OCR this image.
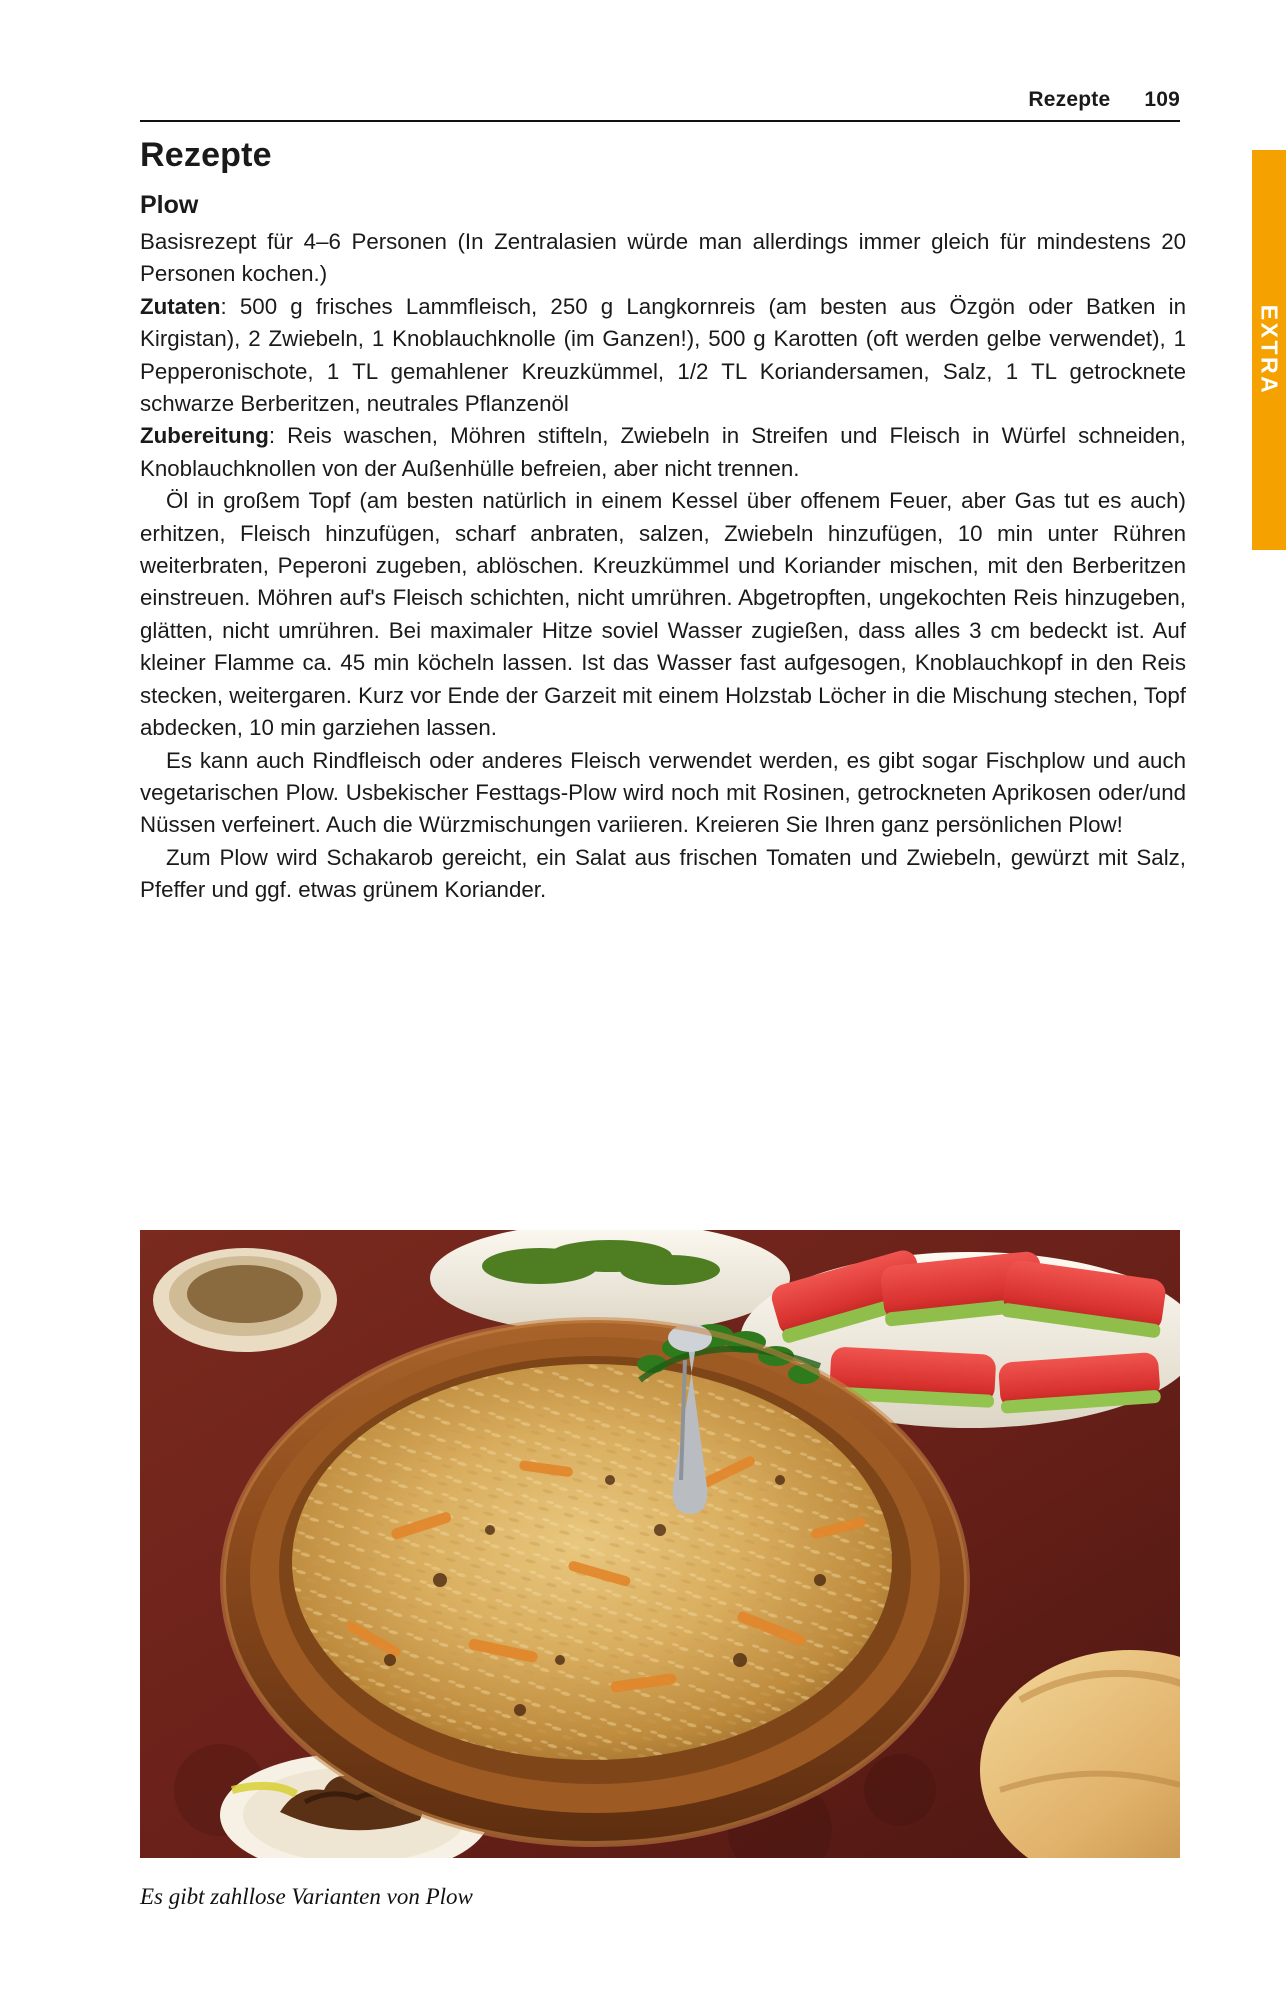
Rezepte 109
EXTRA
Rezepte
Plow

Basisrezept für 4–6 Personen (In Zentralasien würde man allerdings immer gleich für mindestens 20 Personen kochen.)

Zutaten: 500 g frisches Lammfleisch, 250 g Langkornreis (am besten aus Özgön oder Batken in Kirgistan), 2 Zwiebeln, 1 Knoblauchknolle (im Ganzen!), 500 g Karotten (oft werden gelbe verwendet), 1 Pepperonischote, 1 TL gemahlener Kreuzkümmel, 1/2 TL Koriandersamen, Salz, 1 TL getrocknete schwarze Berberitzen, neutrales Pflanzenöl

Zubereitung: Reis waschen, Möhren stifteln, Zwiebeln in Streifen und Fleisch in Würfel schneiden, Knoblauchknollen von der Außenhülle befreien, aber nicht trennen.

Öl in großem Topf (am besten natürlich in einem Kessel über offenem Feuer, aber Gas tut es auch) erhitzen, Fleisch hinzufügen, scharf anbraten, salzen, Zwiebeln hinzufügen, 10 min unter Rühren weiterbraten, Peperoni zugeben, ablöschen. Kreuzkümmel und Koriander mischen, mit den Berberitzen einstreuen. Möhren auf's Fleisch schichten, nicht umrühren. Abgetropften, ungekochten Reis hinzugeben, glätten, nicht umrühren. Bei maximaler Hitze soviel Wasser zugießen, dass alles 3 cm bedeckt ist. Auf kleiner Flamme ca. 45 min köcheln lassen. Ist das Wasser fast aufgesogen, Knoblauchkopf in den Reis stecken, weitergaren. Kurz vor Ende der Garzeit mit einem Holzstab Löcher in die Mischung stechen, Topf abdecken, 10 min garziehen lassen.

Es kann auch Rindfleisch oder anderes Fleisch verwendet werden, es gibt sogar Fischplow und auch vegetarischen Plow. Usbekischer Festtags-Plow wird noch mit Rosinen, getrockneten Aprikosen oder/und Nüssen verfeinert. Auch die Würzmischungen variieren. Kreieren Sie Ihren ganz persönlichen Plow!

Zum Plow wird Schakarob gereicht, ein Salat aus frischen Tomaten und Zwiebeln, gewürzt mit Salz, Pfeffer und ggf. etwas grünem Koriander.

Es gibt zahllose Varianten von Plow
